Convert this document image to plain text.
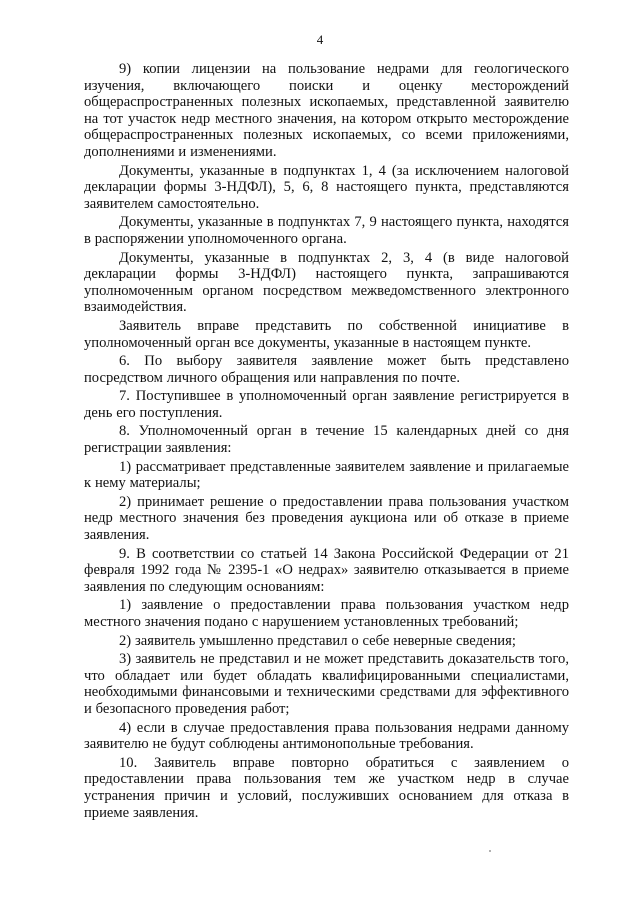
4

9) копии лицензии на пользование недрами для геологического изучения, включающего поиски и оценку месторождений общераспространенных полезных ископаемых, представленной заявителю на тот участок недр местного значения, на котором открыто месторождение общераспространенных полезных ископаемых, со всеми приложениями, дополнениями и изменениями.

Документы, указанные в подпунктах 1, 4 (за исключением налоговой декларации формы 3-НДФЛ), 5, 6, 8 настоящего пункта, представляются заявителем самостоятельно.

Документы, указанные в подпунктах 7, 9 настоящего пункта, находятся в распоряжении уполномоченного органа.

Документы, указанные в подпунктах 2, 3, 4 (в виде налоговой декларации формы 3-НДФЛ) настоящего пункта, запрашиваются уполномоченным органом посредством межведомственного электронного взаимодействия.

Заявитель вправе представить по собственной инициативе в уполномоченный орган все документы, указанные в настоящем пункте.

6. По выбору заявителя заявление может быть представлено посредством личного обращения или направления по почте.

7. Поступившее в уполномоченный орган заявление регистрируется в день его поступления.

8. Уполномоченный орган в течение 15 календарных дней со дня регистрации заявления:

1) рассматривает представленные заявителем заявление и прилагаемые к нему материалы;

2) принимает решение о предоставлении права пользования участком недр местного значения без проведения аукциона или об отказе в приеме заявления.

9. В соответствии со статьей 14 Закона Российской Федерации от 21 февраля 1992 года № 2395-1 «О недрах» заявителю отказывается в приеме заявления по следующим основаниям:

1) заявление о предоставлении права пользования участком недр местного значения подано с нарушением установленных требований;

2) заявитель умышленно представил о себе неверные сведения;

3) заявитель не представил и не может представить доказательств того, что обладает или будет обладать квалифицированными специалистами, необходимыми финансовыми и техническими средствами для эффективного и безопасного проведения работ;

4) если в случае предоставления права пользования недрами данному заявителю не будут соблюдены антимонопольные требования.

10. Заявитель вправе повторно обратиться с заявлением о предоставлении права пользования тем же участком недр в случае устранения причин и условий, послуживших основанием для отказа в приеме заявления.
